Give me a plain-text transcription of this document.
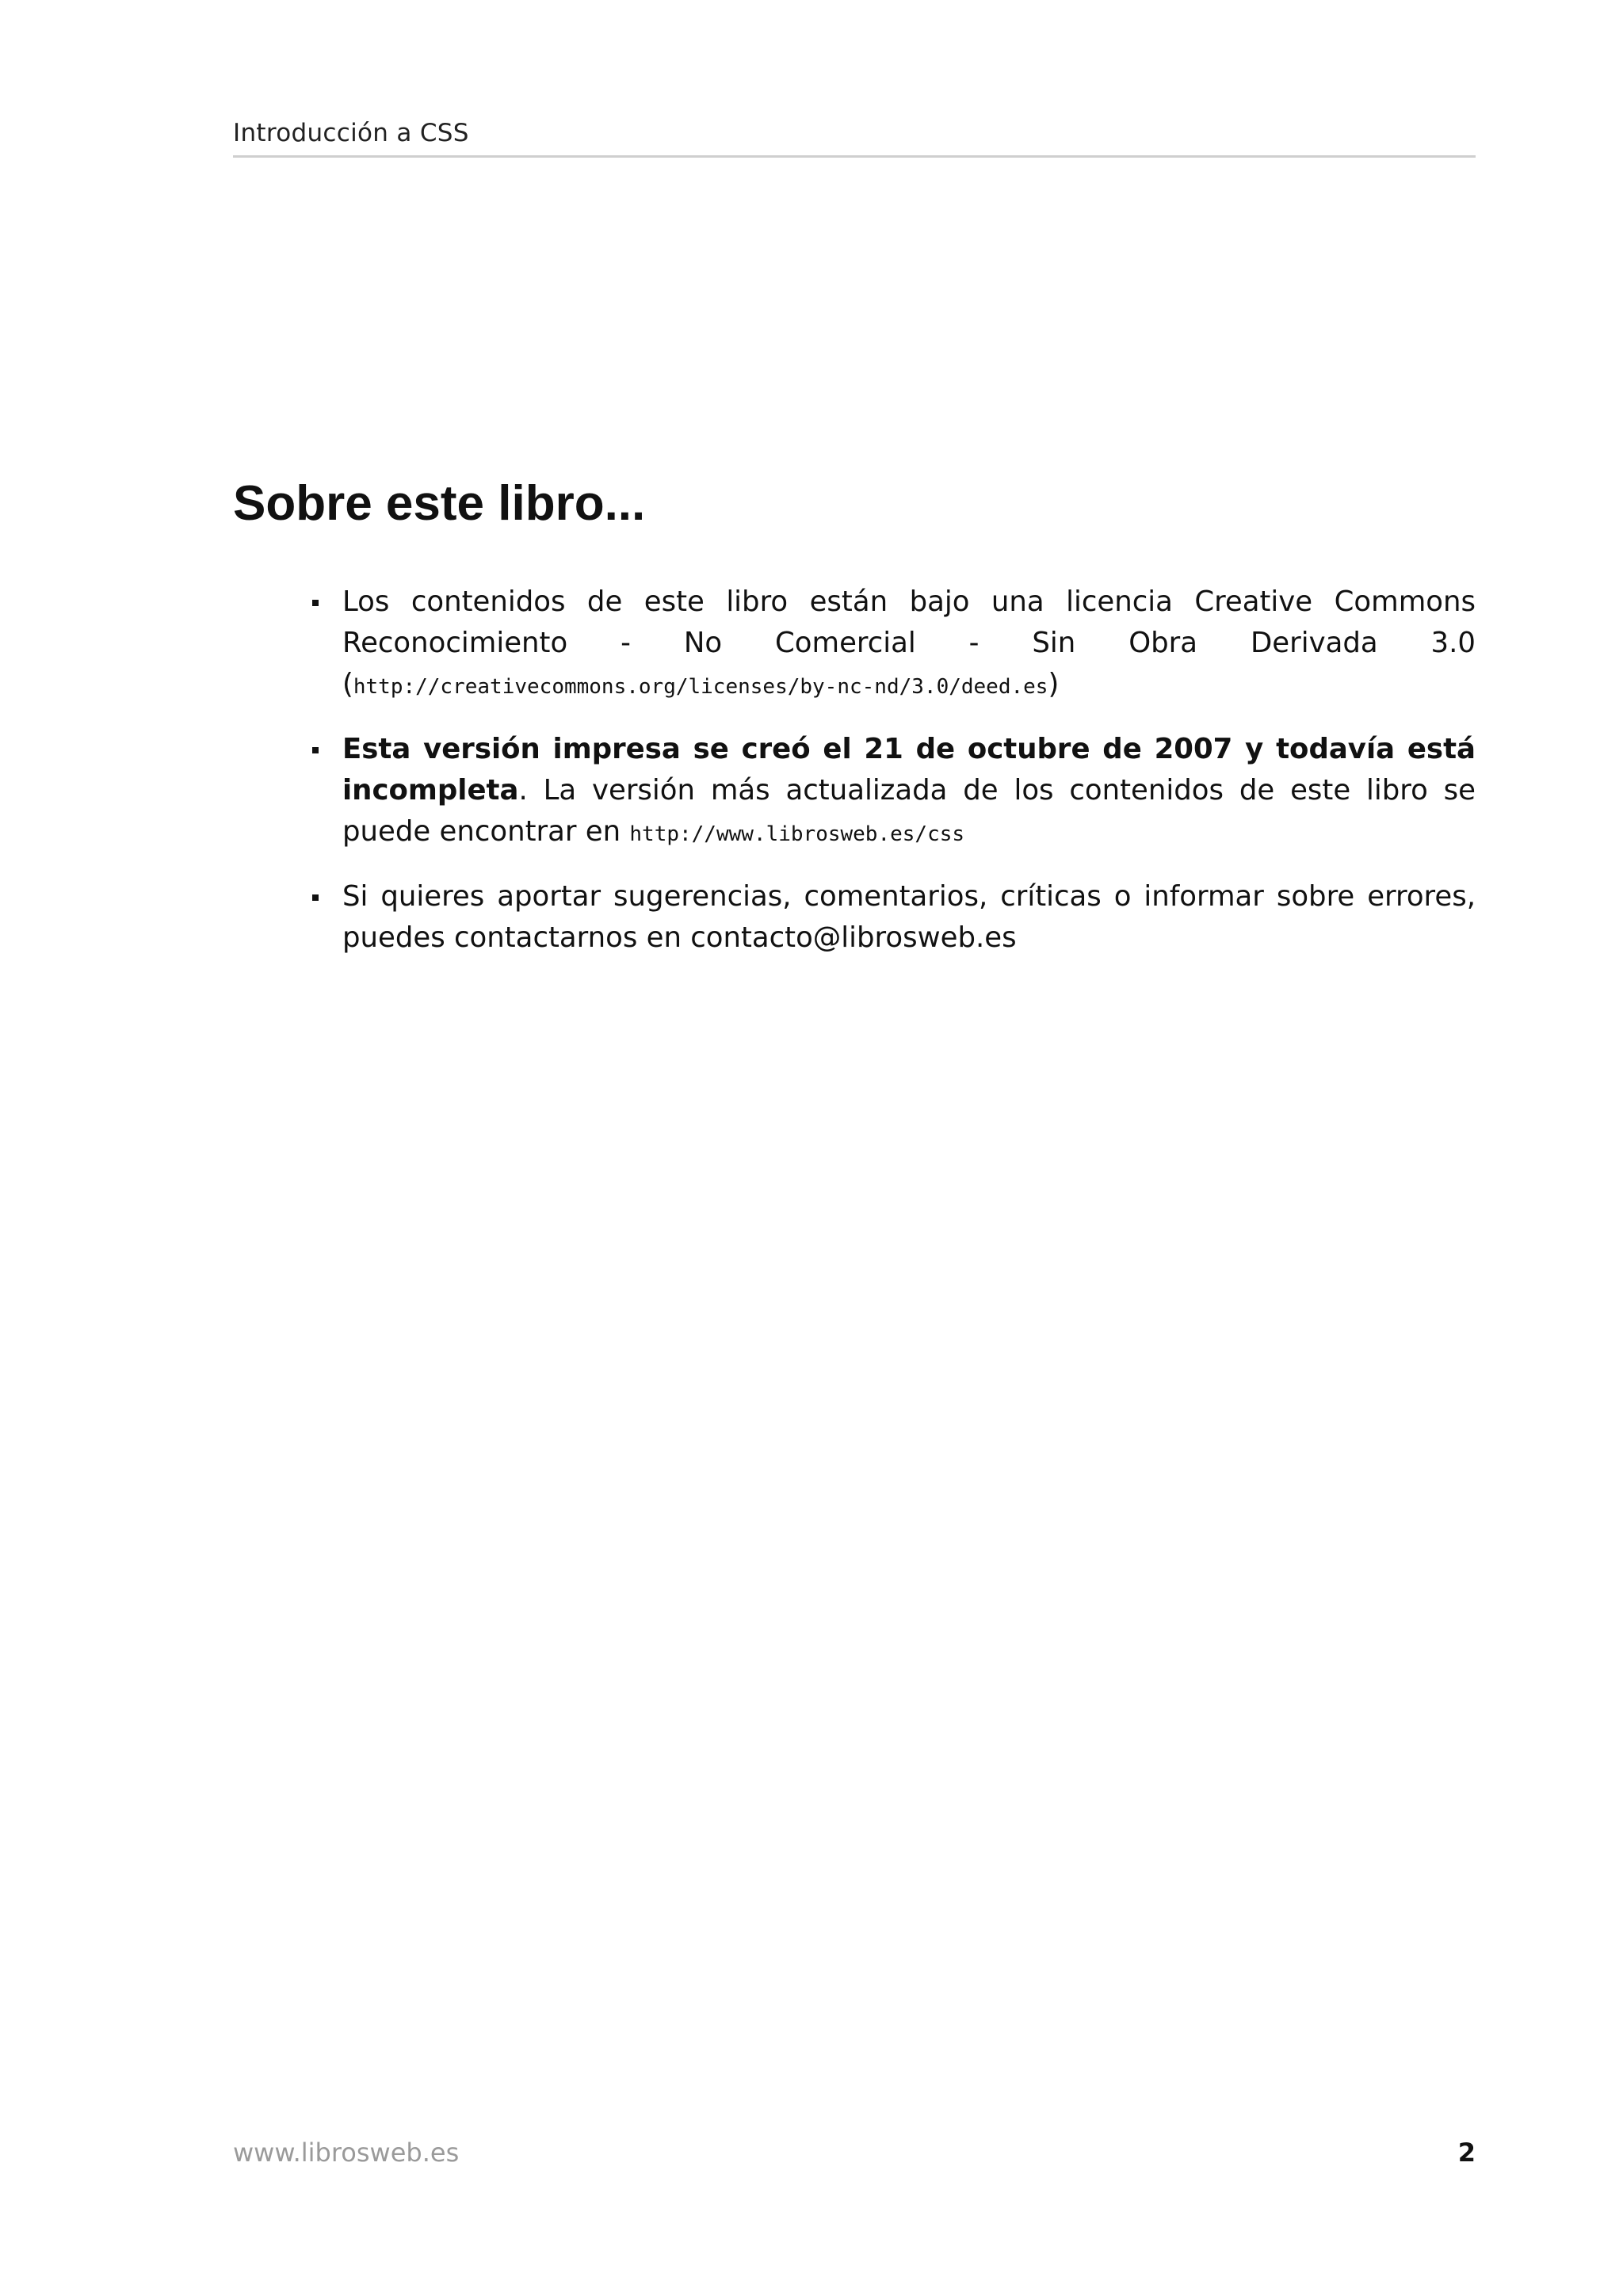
Introducción a CSS
Sobre este libro...
Los contenidos de este libro están bajo una licencia Creative Commons Reconocimiento - No Comercial - Sin Obra Derivada 3.0 (http://creativecommons.org/licenses/by-nc-nd/3.0/deed.es)
Esta versión impresa se creó el 21 de octubre de 2007 y todavía está incompleta. La versión más actualizada de los contenidos de este libro se puede encontrar en http://www.librosweb.es/css
Si quieres aportar sugerencias, comentarios, críticas o informar sobre errores, puedes contactarnos en contacto@librosweb.es
www.librosweb.es	2
